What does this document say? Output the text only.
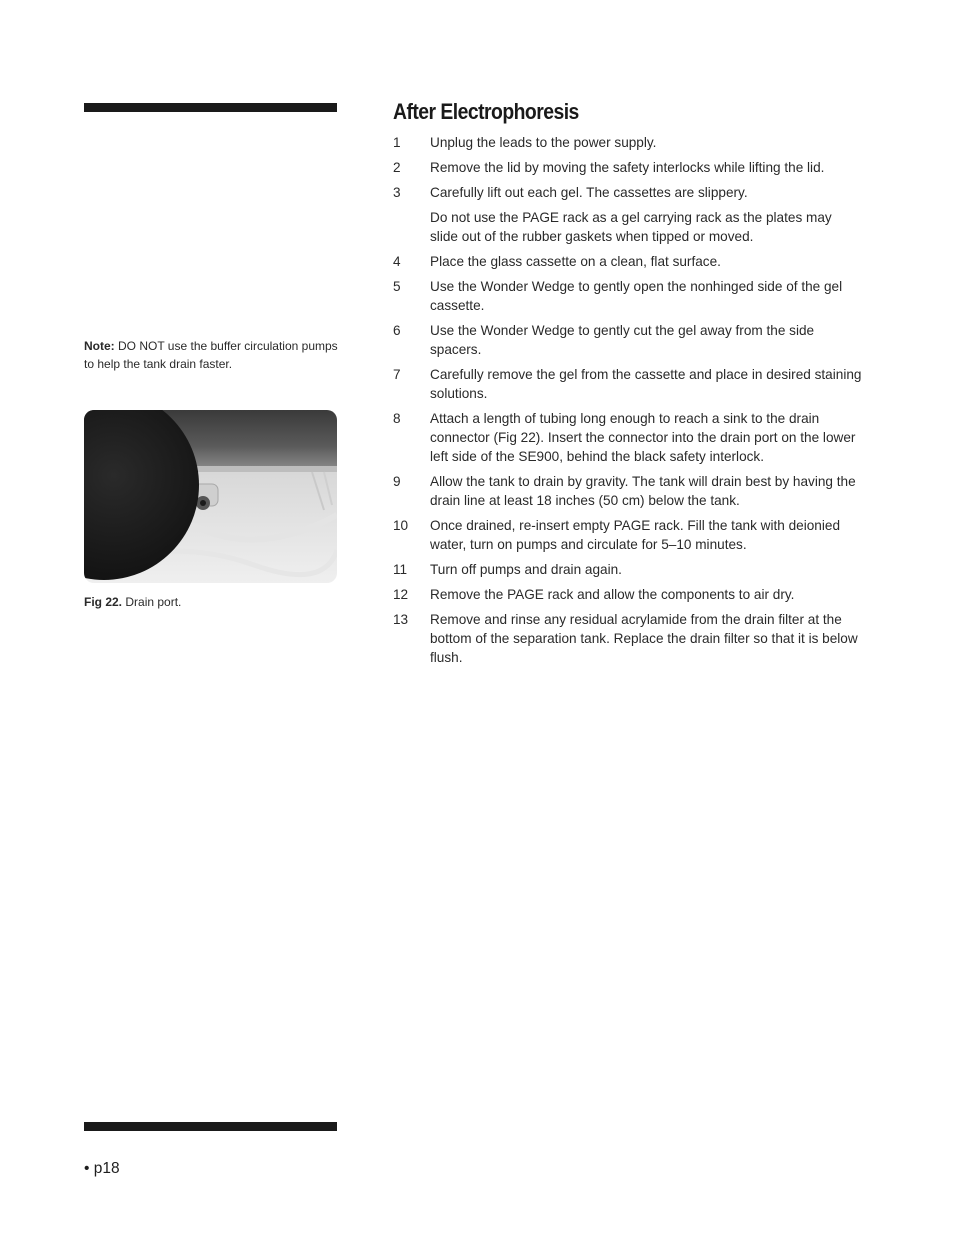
Note: DO NOT use the buffer circulation pumps to help the tank drain faster.
Fig 22. Drain port.
After Electrophoresis
1	Unplug the leads to the power supply.
2	Remove the lid by moving the safety interlocks while lifting the lid.
3	Carefully lift out each gel. The cassettes are slippery.
Do not use the PAGE rack as a gel carrying rack as the plates may slide out of the rubber gaskets when tipped or moved.
4	Place the glass cassette on a clean, flat surface.
5	Use the Wonder Wedge to gently open the nonhinged side of the gel cassette.
6	Use the Wonder Wedge to gently cut the gel away from the side spacers.
7	Carefully remove the gel from the cassette and place in desired staining solutions.
8	Attach a length of tubing long enough to reach a sink to the drain connector (Fig 22). Insert the connector into the drain port on the lower left side of the SE900, behind the black safety interlock.
9	Allow the tank to drain by gravity. The tank will drain best by having the drain line at least 18 inches (50 cm) below the tank.
10	Once drained, re-insert empty PAGE rack. Fill the tank with deionied water, turn on pumps and circulate for 5–10 minutes.
11	Turn off pumps and drain again.
12	Remove the PAGE rack and allow the components to air dry.
13	Remove and rinse any residual acrylamide from the drain filter at the bottom of the separation tank. Replace the drain filter so that it is below flush.
• p18
